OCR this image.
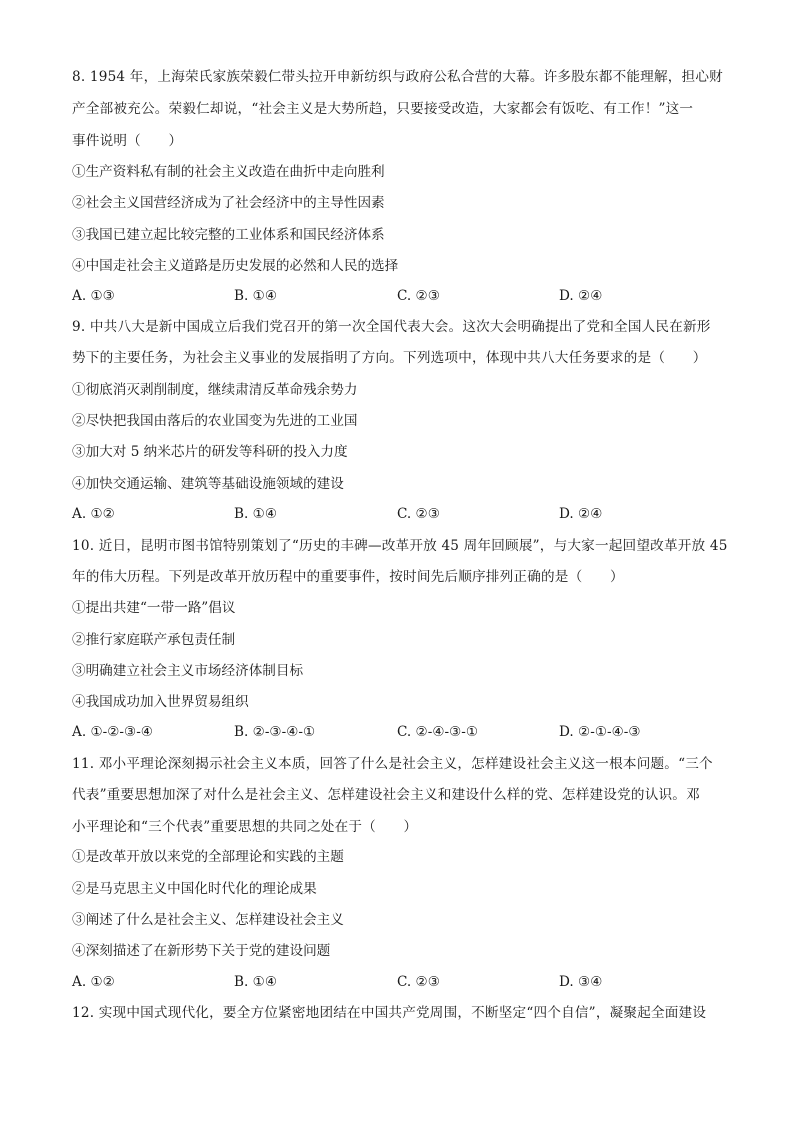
8. 1954 年，上海荣氏家族荣毅仁带头拉开申新纺织与政府公私合营的大幕。许多股东都不能理解，担心财
产全部被充公。荣毅仁却说，“社会主义是大势所趋，只要接受改造，大家都会有饭吃、有工作！”这一
事件说明（　　）
①生产资料私有制的社会主义改造在曲折中走向胜利
②社会主义国营经济成为了社会经济中的主导性因素
③我国已建立起比较完整的工业体系和国民经济体系
④中国走社会主义道路是历史发展的必然和人民的选择
A. ①③	B. ①④	C. ②③	D. ②④
9. 中共八大是新中国成立后我们党召开的第一次全国代表大会。这次大会明确提出了党和全国人民在新形
势下的主要任务，为社会主义事业的发展指明了方向。下列选项中，体现中共八大任务要求的是（　　）
①彻底消灭剥削制度，继续肃清反革命残余势力
②尽快把我国由落后的农业国变为先进的工业国
③加大对 5 纳米芯片的研发等科研的投入力度
④加快交通运输、建筑等基础设施领域的建设
A. ①②	B. ①④	C. ②③	D. ②④
10. 近日，昆明市图书馆特别策划了“历史的丰碑—改革开放 45 周年回顾展”，与大家一起回望改革开放 45
年的伟大历程。下列是改革开放历程中的重要事件，按时间先后顺序排列正确的是（　　）
①提出共建“一带一路”倡议
②推行家庭联产承包责任制
③明确建立社会主义市场经济体制目标
④我国成功加入世界贸易组织
A. ①-②-③-④	B. ②-③-④-①	C. ②-④-③-①	D. ②-①-④-③
11. 邓小平理论深刻揭示社会主义本质，回答了什么是社会主义，怎样建设社会主义这一根本问题。“三个
代表”重要思想加深了对什么是社会主义、怎样建设社会主义和建设什么样的党、怎样建设党的认识。邓
小平理论和“三个代表”重要思想的共同之处在于（　　）
①是改革开放以来党的全部理论和实践的主题
②是马克思主义中国化时代化的理论成果
③阐述了什么是社会主义、怎样建设社会主义
④深刻描述了在新形势下关于党的建设问题
A. ①②	B. ①④	C. ②③	D. ③④
12. 实现中国式现代化，要全方位紧密地团结在中国共产党周围，不断坚定“四个自信”，凝聚起全面建设
